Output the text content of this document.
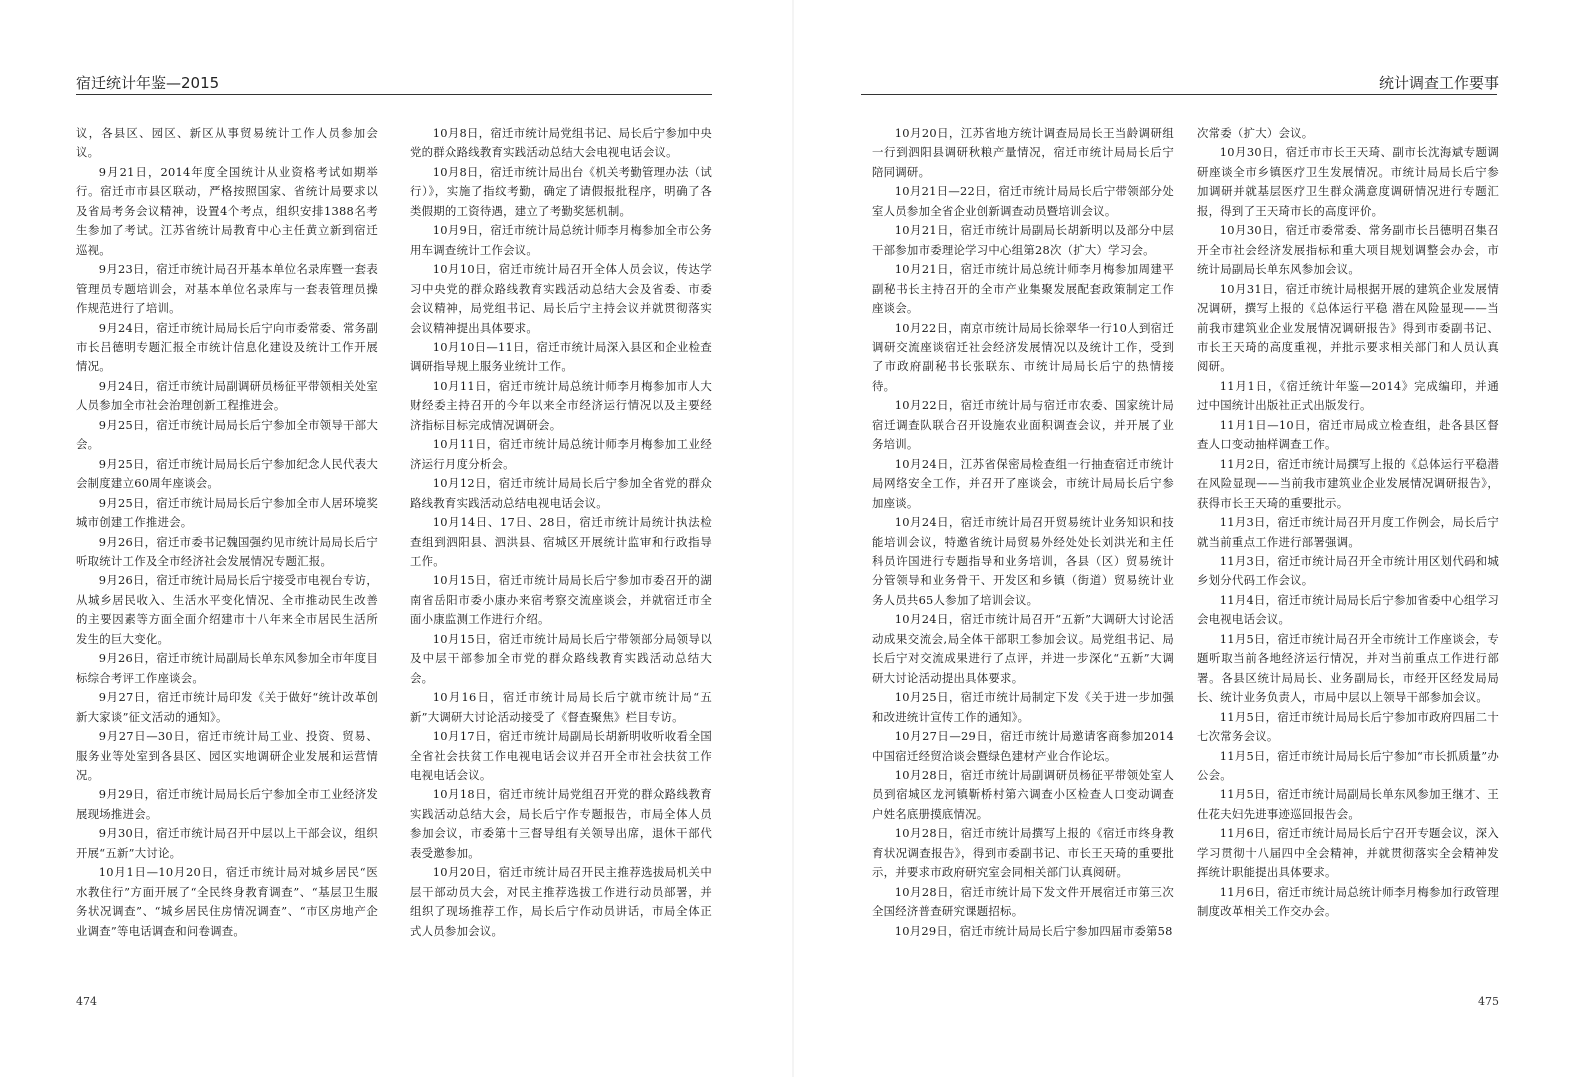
宿迁统计年鉴—2015

议，各县区、园区、新区从事贸易统计工作人员参加会议。

9月21日，2014年度全国统计从业资格考试如期举行。宿迁市市县区联动，严格按照国家、省统计局要求以及省局考务会议精神，设置4个考点，组织安排1388名考生参加了考试。江苏省统计局教育中心主任黄立新到宿迁巡视。

9月23日，宿迁市统计局召开基本单位名录库暨一套表管理员专题培训会，对基本单位名录库与一套表管理员操作规范进行了培训。

9月24日，宿迁市统计局局长后宁向市委常委、常务副市长吕德明专题汇报全市统计信息化建设及统计工作开展情况。

9月24日，宿迁市统计局副调研员杨征平带领相关处室人员参加全市社会治理创新工程推进会。

9月25日，宿迁市统计局局长后宁参加全市领导干部大会。

9月25日，宿迁市统计局局长后宁参加纪念人民代表大会制度建立60周年座谈会。

9月25日，宿迁市统计局局长后宁参加全市人居环境奖城市创建工作推进会。

9月26日，宿迁市委书记魏国强约见市统计局局长后宁听取统计工作及全市经济社会发展情况专题汇报。

9月26日，宿迁市统计局局长后宁接受市电视台专访，从城乡居民收入、生活水平变化情况、全市推动民生改善的主要因素等方面全面介绍建市十八年来全市居民生活所发生的巨大变化。

9月26日，宿迁市统计局副局长单东风参加全市年度目标综合考评工作座谈会。

9月27日，宿迁市统计局印发《关于做好“统计改革创新大家谈”征文活动的通知》。

9月27日—30日，宿迁市统计局工业、投资、贸易、服务业等处室到各县区、园区实地调研企业发展和运营情况。

9月29日，宿迁市统计局局长后宁参加全市工业经济发展现场推进会。

9月30日，宿迁市统计局召开中层以上干部会议，组织开展“五新”大讨论。

10月1日—10月20日，宿迁市统计局对城乡居民“医水教住行”方面开展了“全民终身教育调查”、“基层卫生服务状况调查”、“城乡居民住房情况调查”、“市区房地产企业调查”等电话调查和问卷调查。

10月8日，宿迁市统计局党组书记、局长后宁参加中央党的群众路线教育实践活动总结大会电视电话会议。

10月8日，宿迁市统计局出台《机关考勤管理办法（试行）》，实施了指纹考勤，确定了请假报批程序，明确了各类假期的工资待遇，建立了考勤奖惩机制。

10月9日，宿迁市统计局总统计师李月梅参加全市公务用车调查统计工作会议。

10月10日，宿迁市统计局召开全体人员会议，传达学习中央党的群众路线教育实践活动总结大会及省委、市委会议精神，局党组书记、局长后宁主持会议并就贯彻落实会议精神提出具体要求。

10月10日—11日，宿迁市统计局深入县区和企业检查调研指导规上服务业统计工作。

10月11日，宿迁市统计局总统计师李月梅参加市人大财经委主持召开的今年以来全市经济运行情况以及主要经济指标目标完成情况调研会。

10月11日，宿迁市统计局总统计师李月梅参加工业经济运行月度分析会。

10月12日，宿迁市统计局局长后宁参加全省党的群众路线教育实践活动总结电视电话会议。

10月14日、17日、28日，宿迁市统计局统计执法检查组到泗阳县、泗洪县、宿城区开展统计监审和行政指导工作。

10月15日，宿迁市统计局局长后宁参加市委召开的湖南省岳阳市委小康办来宿考察交流座谈会，并就宿迁市全面小康监测工作进行介绍。

10月15日，宿迁市统计局局长后宁带领部分局领导以及中层干部参加全市党的群众路线教育实践活动总结大会。

10月16日，宿迁市统计局局长后宁就市统计局“五新”大调研大讨论活动接受了《督查聚焦》栏目专访。

10月17日，宿迁市统计局副局长胡新明收听收看全国全省社会扶贫工作电视电话会议并召开全市社会扶贫工作电视电话会议。

10月18日，宿迁市统计局党组召开党的群众路线教育实践活动总结大会，局长后宁作专题报告，市局全体人员参加会议，市委第十三督导组有关领导出席，退休干部代表受邀参加。

10月20日，宿迁市统计局召开民主推荐选拔局机关中层干部动员大会，对民主推荐选拔工作进行动员部署，并组织了现场推荐工作，局长后宁作动员讲话，市局全体正式人员参加会议。

474
统计调查工作要事

10月20日，江苏省地方统计调查局局长王当龄调研组一行到泗阳县调研秋粮产量情况，宿迁市统计局局长后宁陪同调研。

10月21日—22日，宿迁市统计局局长后宁带领部分处室人员参加全省企业创新调查动员暨培训会议。

10月21日，宿迁市统计局副局长胡新明以及部分中层干部参加市委理论学习中心组第28次（扩大）学习会。

10月21日，宿迁市统计局总统计师李月梅参加周建平副秘书长主持召开的全市产业集聚发展配套政策制定工作座谈会。

10月22日，南京市统计局局长徐翠华一行10人到宿迁调研交流座谈宿迁社会经济发展情况以及统计工作，受到了市政府副秘书长张联东、市统计局局长后宁的热情接待。

10月22日，宿迁市统计局与宿迁市农委、国家统计局宿迁调查队联合召开设施农业面积调查会议，并开展了业务培训。

10月24日，江苏省保密局检查组一行抽查宿迁市统计局网络安全工作，并召开了座谈会，市统计局局长后宁参加座谈。

10月24日，宿迁市统计局召开贸易统计业务知识和技能培训会议，特邀省统计局贸易外经处处长刘洪光和主任科员许国进行专题指导和业务培训，各县（区）贸易统计分管领导和业务骨干、开发区和乡镇（街道）贸易统计业务人员共65人参加了培训会议。

10月24日，宿迁市统计局召开“五新”大调研大讨论活动成果交流会,局全体干部职工参加会议。局党组书记、局长后宁对交流成果进行了点评，并进一步深化“五新”大调研大讨论活动提出具体要求。

10月25日，宿迁市统计局制定下发《关于进一步加强和改进统计宣传工作的通知》。

10月27日—29日，宿迁市统计局邀请客商参加2014中国宿迁经贸洽谈会暨绿色建材产业合作论坛。

10月28日，宿迁市统计局副调研员杨征平带领处室人员到宿城区龙河镇靳桥村第六调查小区检查人口变动调查户姓名底册摸底情况。

10月28日，宿迁市统计局撰写上报的《宿迁市终身教育状况调查报告》，得到市委副书记、市长王天琦的重要批示，并要求市政府研究室会同相关部门认真阅研。

10月28日，宿迁市统计局下发文件开展宿迁市第三次全国经济普查研究课题招标。

10月29日，宿迁市统计局局长后宁参加四届市委第58

次常委（扩大）会议。

10月30日，宿迁市市长王天琦、副市长沈海斌专题调研座谈全市乡镇医疗卫生发展情况。市统计局局长后宁参加调研并就基层医疗卫生群众满意度调研情况进行专题汇报，得到了王天琦市长的高度评价。

10月30日，宿迁市委常委、常务副市长吕德明召集召开全市社会经济发展指标和重大项目规划调整会办会，市统计局副局长单东风参加会议。

10月31日，宿迁市统计局根据开展的建筑企业发展情况调研，撰写上报的《总体运行平稳 潜在风险显现——当前我市建筑业企业发展情况调研报告》得到市委副书记、市长王天琦的高度重视，并批示要求相关部门和人员认真阅研。

11月1日，《宿迁统计年鉴—2014》完成编印，并通过中国统计出版社正式出版发行。

11月1日—10日，宿迁市局成立检查组，赴各县区督查人口变动抽样调查工作。

11月2日，宿迁市统计局撰写上报的《总体运行平稳潜在风险显现——当前我市建筑业企业发展情况调研报告》，获得市长王天琦的重要批示。

11月3日，宿迁市统计局召开月度工作例会，局长后宁就当前重点工作进行部署强调。

11月3日，宿迁市统计局召开全市统计用区划代码和城乡划分代码工作会议。

11月4日，宿迁市统计局局长后宁参加省委中心组学习会电视电话会议。

11月5日，宿迁市统计局召开全市统计工作座谈会，专题听取当前各地经济运行情况，并对当前重点工作进行部署。各县区统计局局长、业务副局长，市经开区经发局局长、统计业务负责人，市局中层以上领导干部参加会议。

11月5日，宿迁市统计局局长后宁参加市政府四届二十七次常务会议。

11月5日，宿迁市统计局局长后宁参加“市长抓质量”办公会。

11月5日，宿迁市统计局副局长单东风参加王继才、王仕花夫妇先进事迹巡回报告会。

11月6日，宿迁市统计局局长后宁召开专题会议，深入学习贯彻十八届四中全会精神，并就贯彻落实全会精神发挥统计职能提出具体要求。

11月6日，宿迁市统计局总统计师李月梅参加行政管理制度改革相关工作交办会。

475
